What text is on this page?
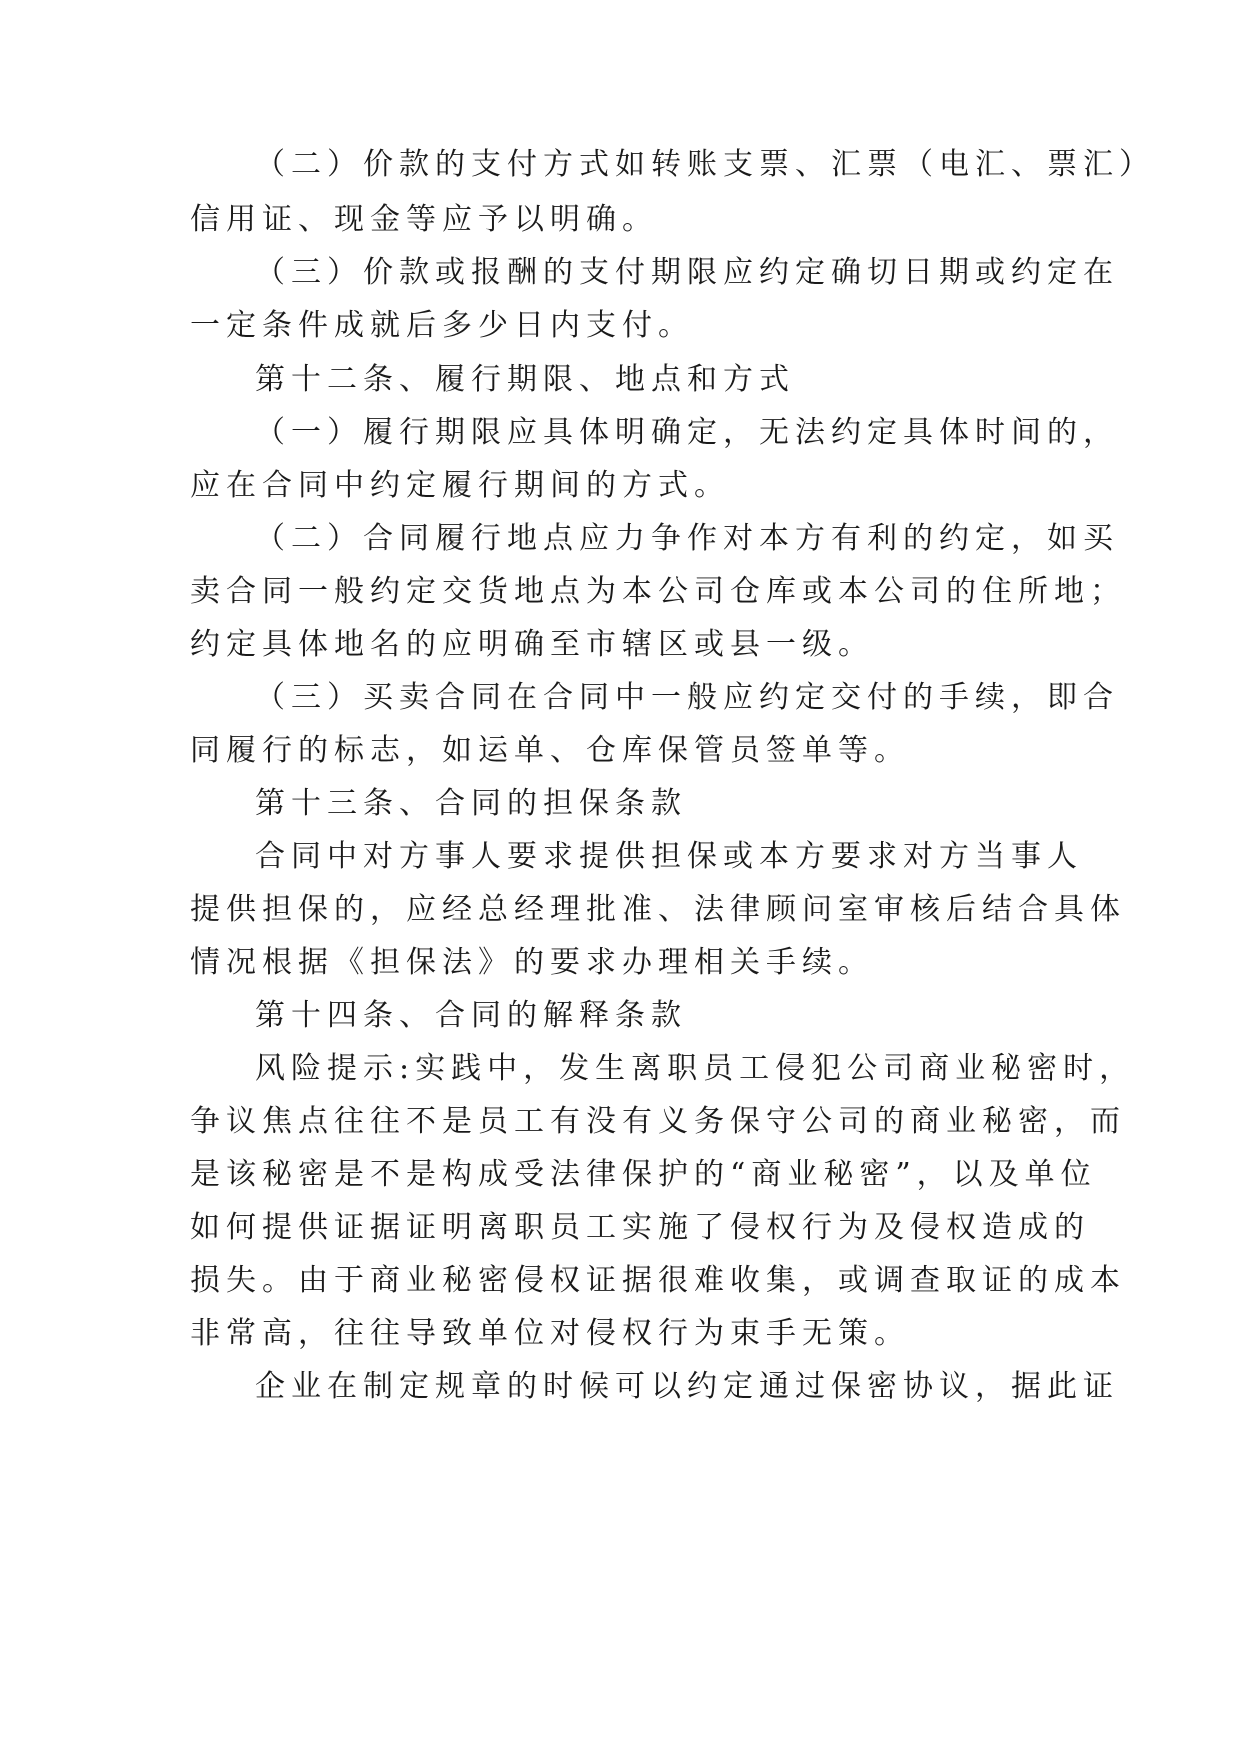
（二）价款的支付方式如转账支票、汇票（电汇、票汇）
信用证、现金等应予以明确。
（三）价款或报酬的支付期限应约定确切日期或约定在
一定条件成就后多少日内支付。
第十二条、履行期限、地点和方式
（一）履行期限应具体明确定，无法约定具体时间的，
应在合同中约定履行期间的方式。
（二）合同履行地点应力争作对本方有利的约定，如买
卖合同一般约定交货地点为本公司仓库或本公司的住所地；
约定具体地名的应明确至市辖区或县一级。
（三）买卖合同在合同中一般应约定交付的手续，即合
同履行的标志，如运单、仓库保管员签单等。
第十三条、合同的担保条款
合同中对方事人要求提供担保或本方要求对方当事人
提供担保的，应经总经理批准、法律顾问室审核后结合具体
情况根据《担保法》的要求办理相关手续。
第十四条、合同的解释条款
风险提示:实践中，发生离职员工侵犯公司商业秘密时，
争议焦点往往不是员工有没有义务保守公司的商业秘密，而
是该秘密是不是构成受法律保护的“商业秘密”，以及单位
如何提供证据证明离职员工实施了侵权行为及侵权造成的
损失。由于商业秘密侵权证据很难收集，或调查取证的成本
非常高，往往导致单位对侵权行为束手无策。
企业在制定规章的时候可以约定通过保密协议，据此证
